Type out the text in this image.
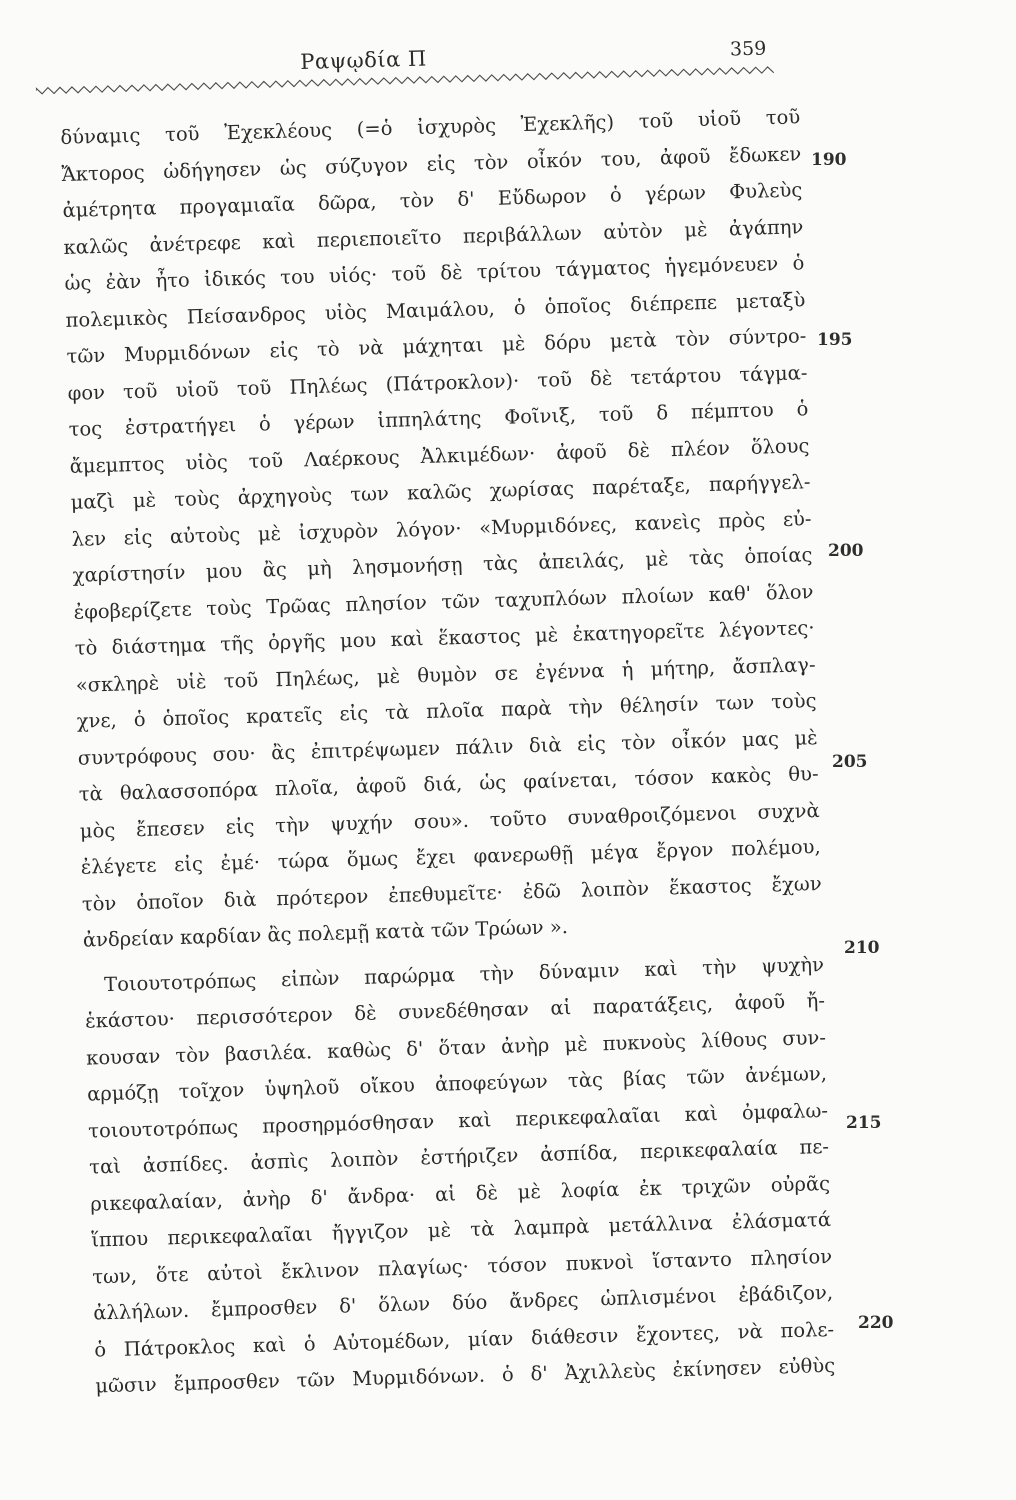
Ραψῳδία Π	359
δύναμις τοῦ Ἐχεκλέους (=ὁ ἰσχυρὸς Ἐχεκλῆς) τοῦ υἱοῦ τοῦ
Ἄκτορος ὡδήγησεν ὡς σύζυγον εἰς τὸν οἶκόν του, ἀφοῦ ἔδωκεν
ἀμέτρητα προγαμιαῖα δῶρα, τὸν δ' Εὔδωρον ὁ γέρων Φυλεὺς
καλῶς ἀνέτρεφε καὶ περιεποιεῖτο περιβάλλων αὐτὸν μὲ ἀγάπην
ὡς ἐὰν ἦτο ἰδικός του υἱός· τοῦ δὲ τρίτου τάγματος ἡγεμόνευεν ὁ
πολεμικὸς Πείσανδρος υἱὸς Μαιμάλου, ὁ ὁποῖος διέπρεπε μεταξὺ
τῶν Μυρμιδόνων εἰς τὸ νὰ μάχηται μὲ δόρυ μετὰ τὸν σύντρο-
φον τοῦ υἱοῦ τοῦ Πηλέως (Πάτροκλον)· τοῦ δὲ τετάρτου τάγμα-
τος ἐστρατήγει ὁ γέρων ἱππηλάτης Φοῖνιξ, τοῦ δ πέμπτου ὁ
ἄμεμπτος υἱὸς τοῦ Λαέρκους Ἀλκιμέδων· ἀφοῦ δὲ πλέον ὅλους
μαζὶ μὲ τοὺς ἀρχηγοὺς των καλῶς χωρίσας παρέταξε, παρήγγελ-
λεν εἰς αὐτοὺς μὲ ἰσχυρὸν λόγον· «Μυρμιδόνες, κανεὶς πρὸς εὐ-
χαρίστησίν μου ἂς μὴ λησμονήσῃ τὰς ἀπειλάς, μὲ τὰς ὁποίας
ἐφοβερίζετε τοὺς Τρῶας πλησίον τῶν ταχυπλόων πλοίων καθ' ὅλον
τὸ διάστημα τῆς ὀργῆς μου καὶ ἕκαστος μὲ ἐκατηγορεῖτε λέγοντες·
«σκληρὲ υἱὲ τοῦ Πηλέως, μὲ θυμὸν σε ἐγέννα ἡ μήτηρ, ἄσπλαγ-
χνε, ὁ ὁποῖος κρατεῖς εἰς τὰ πλοῖα παρὰ τὴν θέλησίν των τοὺς
συντρόφους σου· ἂς ἐπιτρέψωμεν πάλιν διὰ εἰς τὸν οἶκόν μας μὲ
τὰ θαλασσοπόρα πλοῖα, ἀφοῦ διά, ὡς φαίνεται, τόσον κακὸς θυ-
μὸς ἔπεσεν εἰς τὴν ψυχήν σου». τοῦτο συναθροιζόμενοι συχνὰ
ἐλέγετε εἰς ἐμέ· τώρα ὅμως ἔχει φανερωθῇ μέγα ἔργον πολέμου,
τὸν ὁποῖον διὰ πρότερον ἐπεθυμεῖτε· ἐδῶ λοιπὸν ἕκαστος ἔχων
ἀνδρείαν καρδίαν ἂς πολεμῇ κατὰ τῶν Τρώων ».
Τοιουτοτρόπως εἰπὼν παρώρμα τὴν δύναμιν καὶ τὴν ψυχὴν
ἑκάστου· περισσότερον δὲ συνεδέθησαν αἱ παρατάξεις, ἀφοῦ ἤ-
κουσαν τὸν βασιλέα. καθὼς δ' ὅταν ἀνὴρ μὲ πυκνοὺς λίθους συν-
αρμόζῃ τοῖχον ὑψηλοῦ οἴκου ἀποφεύγων τὰς βίας τῶν ἀνέμων,
τοιουτοτρόπως προσηρμόσθησαν καὶ περικεφαλαῖαι καὶ ὀμφαλω-
ταὶ ἀσπίδες. ἀσπὶς λοιπὸν ἐστήριζεν ἀσπίδα, περικεφαλαία πε-
ρικεφαλαίαν, ἀνὴρ δ' ἄνδρα· αἱ δὲ μὲ λοφία ἐκ τριχῶν οὐρᾶς
ἵππου περικεφαλαῖαι ἤγγιζον μὲ τὰ λαμπρὰ μετάλλινα ἐλάσματά
των, ὅτε αὐτοὶ ἔκλινον πλαγίως· τόσον πυκνοὶ ἵσταντο πλησίον
ἀλλήλων. ἔμπροσθεν δ' ὅλων δύο ἄνδρες ὡπλισμένοι ἐβάδιζον,
ὁ Πάτροκλος καὶ ὁ Αὐτομέδων, μίαν διάθεσιν ἔχοντες, νὰ πολε-
μῶσιν ἔμπροσθεν τῶν Μυρμιδόνων. ὁ δ' Ἀχιλλεὺς ἐκίνησεν εὐθὺς
190
195
200
205
210
215
220
